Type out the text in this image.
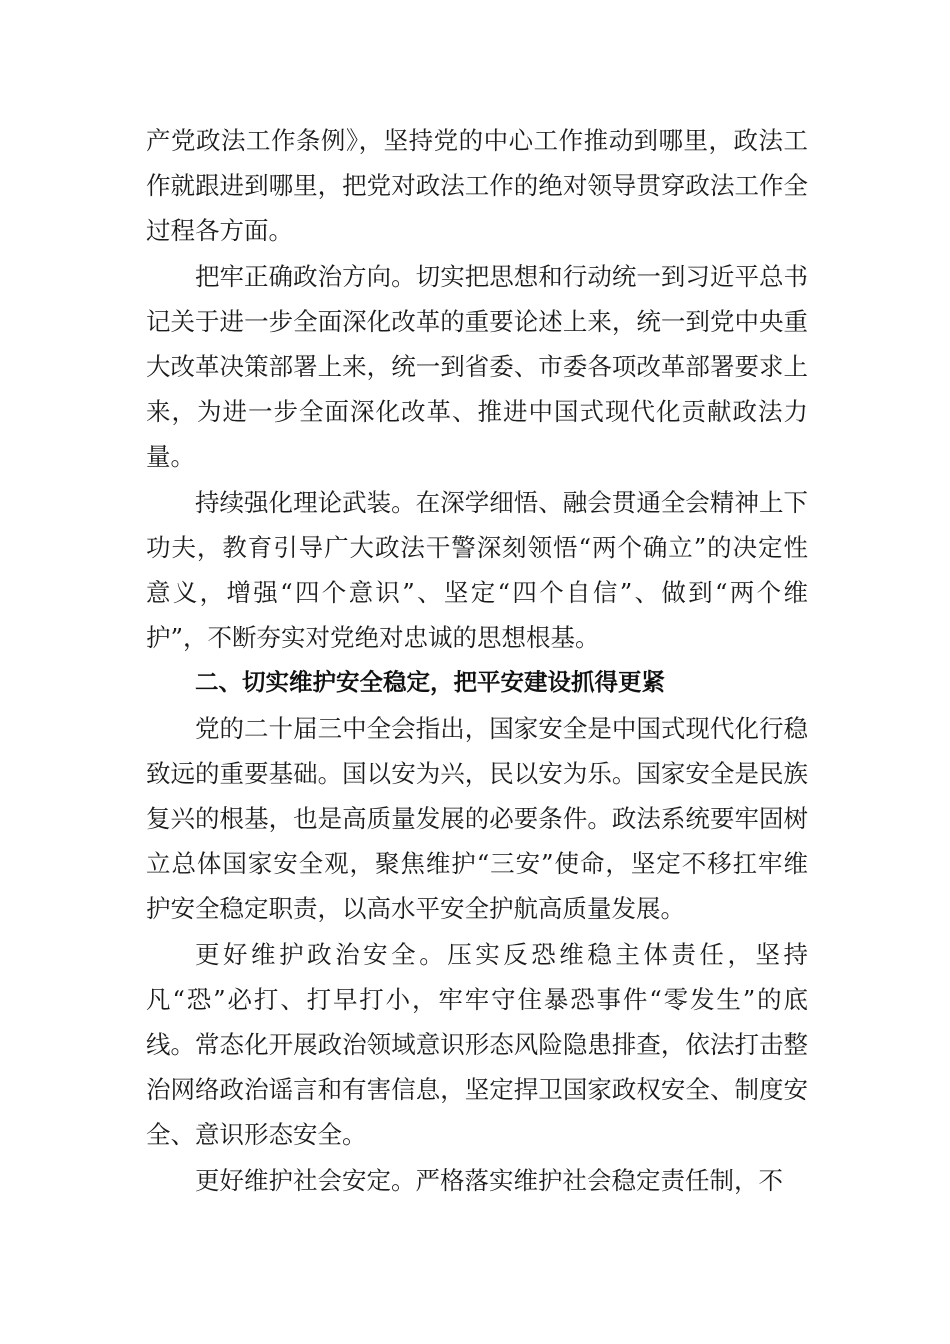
产党政法工作条例》，坚持党的中心工作推动到哪里，政法工作就跟进到哪里，把党对政法工作的绝对领导贯穿政法工作全过程各方面。

把牢正确政治方向。切实把思想和行动统一到习近平总书记关于进一步全面深化改革的重要论述上来，统一到党中央重大改革决策部署上来，统一到省委、市委各项改革部署要求上来，为进一步全面深化改革、推进中国式现代化贡献政法力量。

持续强化理论武装。在深学细悟、融会贯通全会精神上下功夫，教育引导广大政法干警深刻领悟“两个确立”的决定性意义，增强“四个意识”、坚定“四个自信”、做到“两个维护”，不断夯实对党绝对忠诚的思想根基。

二、切实维护安全稳定，把平安建设抓得更紧

党的二十届三中全会指出，国家安全是中国式现代化行稳致远的重要基础。国以安为兴，民以安为乐。国家安全是民族复兴的根基，也是高质量发展的必要条件。政法系统要牢固树立总体国家安全观，聚焦维护“三安”使命，坚定不移扛牢维护安全稳定职责，以高水平安全护航高质量发展。

更好维护政治安全。压实反恐维稳主体责任，坚持凡“恐”必打、打早打小，牢牢守住暴恐事件“零发生”的底线。常态化开展政治领域意识形态风险隐患排查，依法打击整治网络政治谣言和有害信息，坚定捍卫国家政权安全、制度安全、意识形态安全。

更好维护社会安定。严格落实维护社会稳定责任制，不
